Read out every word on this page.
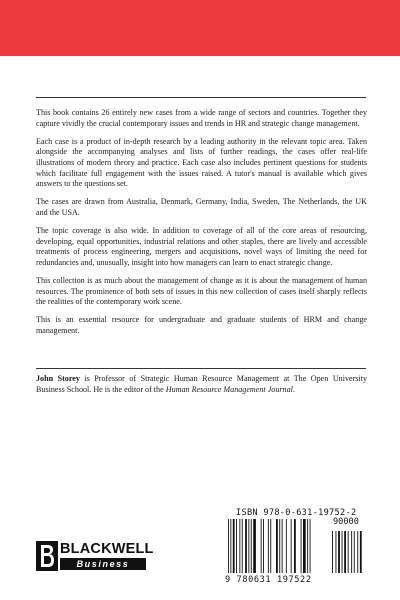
This book contains 26 entirely new cases from a wide range of sectors and countries. Together they capture vividly the crucial contemporary issues and trends in HR and strategic change management.

Each case is a product of in-depth research by a leading authority in the relevant topic area. Taken alongside the accompanying analyses and lists of further readings, the cases offer real-life illustrations of modern theory and practice. Each case also includes pertinent questions for students which facilitate full engagement with the issues raised. A tutor's manual is available which gives answers to the questions set.

The cases are drawn from Australia, Denmark, Germany, India, Sweden, The Netherlands, the UK and the USA.

The topic coverage is also wide. In addition to coverage of all of the core areas of resourcing, developing, equal opportunities, industrial relations and other staples, there are lively and accessible treatments of process engineering, mergers and acquisitions, novel ways of limiting the need for redundancies and, unusually, insight into how managers can learn to enact strategic change.

This collection is as much about the management of change as it is about the management of human resources. The prominence of both sets of issues in this new collection of cases itself sharply reflects the realities of the contemporary work scene.

This is an essential resource for undergraduate and graduate students of HRM and change management.

John Storey is Professor of Strategic Human Resource Management at The Open University Business School. He is the editor of the Human Resource Management Journal.
BLACKWELL
Business
ISBN 978-0-631-19752-2
90000
9 780631 197522
